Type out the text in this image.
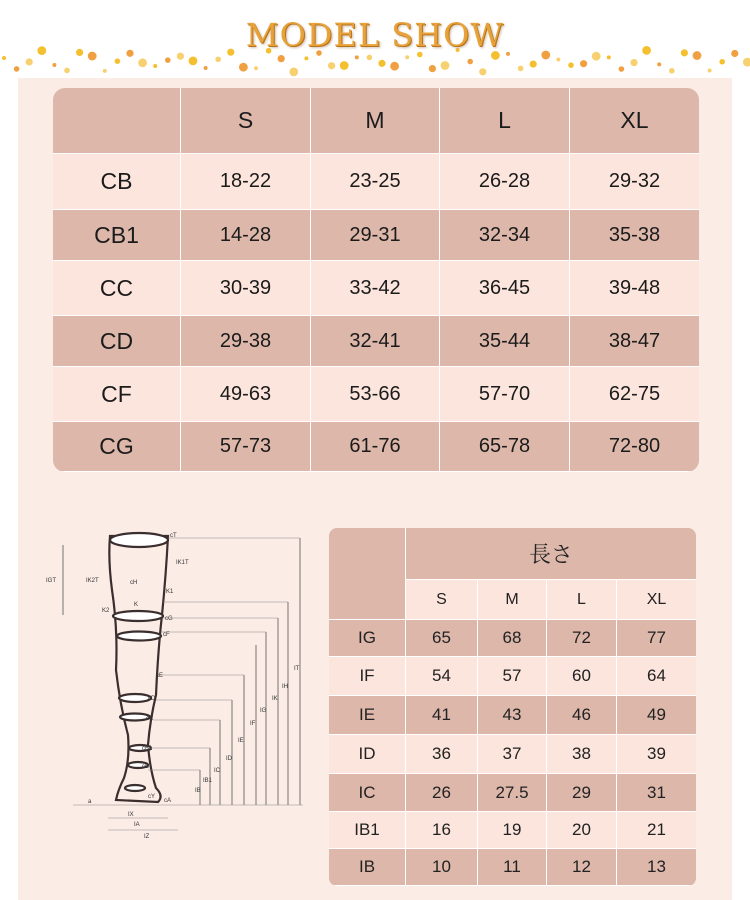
MODEL SHOW
S	M	L	XL
CB	18-22	23-25	26-28	29-32
CB1	14-28	29-31	32-34	35-38
CC	30-39	33-42	36-45	39-48
CD	29-38	32-41	35-44	38-47
CF	49-63	53-66	57-70	62-75
CG	57-73	61-76	65-78	72-80
cT
IK1T
IGT	IK2T	cH
K1
K2
K
cG
cF
cE
cD
cC
cB1
cB
cY
cA
IX
IA
IZ
a
IT
IH
IK
IG
IF
IE
ID
IC
IB1
IB
長さ
S	M	L	XL
IG	65	68	72	77
IF	54	57	60	64
IE	41	43	46	49
ID	36	37	38	39
IC	26	27.5	29	31
IB1	16	19	20	21
IB	10	11	12	13
